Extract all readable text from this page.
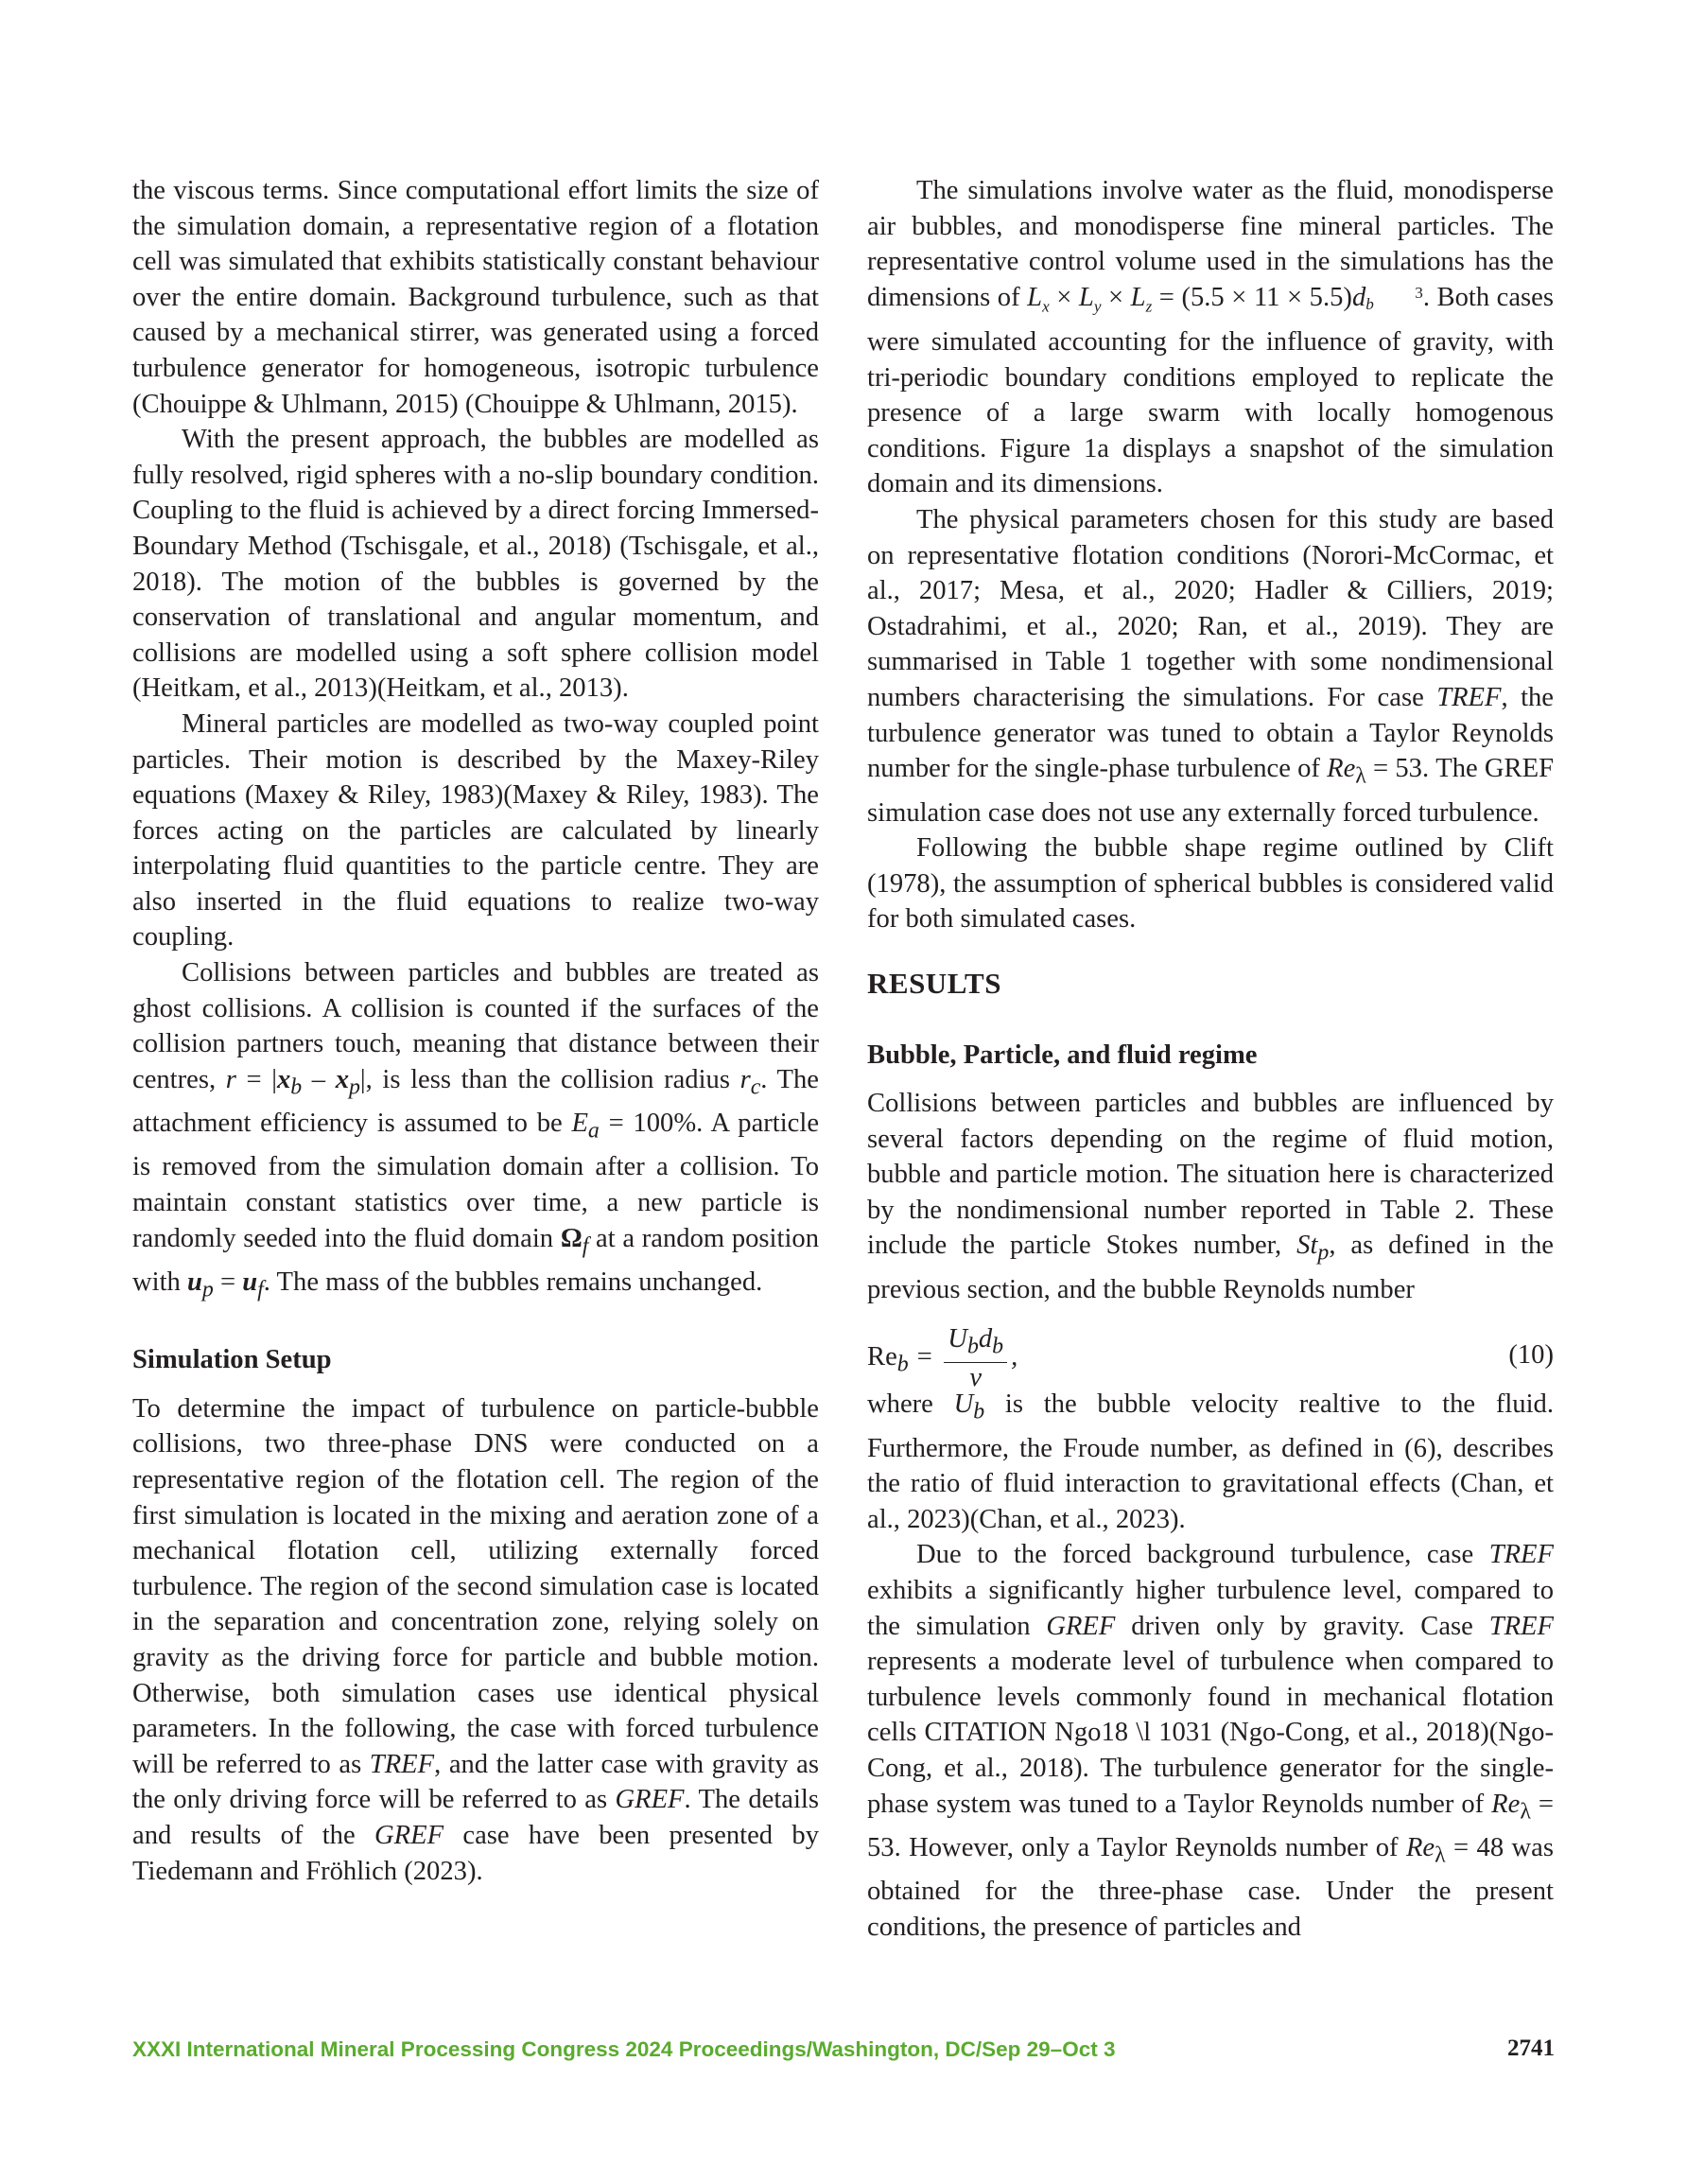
the viscous terms. Since computational effort limits the size of the simulation domain, a representative region of a flotation cell was simulated that exhibits statistically constant behaviour over the entire domain. Background turbulence, such as that caused by a mechanical stirrer, was generated using a forced turbulence generator for homogeneous, isotropic turbulence (Chouippe & Uhlmann, 2015) (Chouippe & Uhlmann, 2015).

With the present approach, the bubbles are modelled as fully resolved, rigid spheres with a no-slip boundary condition. Coupling to the fluid is achieved by a direct forcing Immersed-Boundary Method (Tschisgale, et al., 2018) (Tschisgale, et al., 2018). The motion of the bubbles is governed by the conservation of translational and angular momentum, and collisions are modelled using a soft sphere collision model (Heitkam, et al., 2013)(Heitkam, et al., 2013).

Mineral particles are modelled as two-way coupled point particles. Their motion is described by the Maxey-Riley equations (Maxey & Riley, 1983)(Maxey & Riley, 1983). The forces acting on the particles are calculated by linearly interpolating fluid quantities to the particle centre. They are also inserted in the fluid equations to realize two-way coupling.

Collisions between particles and bubbles are treated as ghost collisions. A collision is counted if the surfaces of the collision partners touch, meaning that distance between their centres, $r = |x_b - x_p|$, is less than the collision radius $r_c$. The attachment efficiency is assumed to be $E_a = 100\%$. A particle is removed from the simulation domain after a collision. To maintain constant statistics over time, a new particle is randomly seeded into the fluid domain $\Omega_f$ at a random position with $u_p = u_f$. The mass of the bubbles remains unchanged.

Simulation Setup

To determine the impact of turbulence on particle-bubble collisions, two three-phase DNS were conducted on a representative region of the flotation cell. The region of the first simulation is located in the mixing and aeration zone of a mechanical flotation cell, utilizing externally forced turbulence. The region of the second simulation case is located in the separation and concentration zone, relying solely on gravity as the driving force for particle and bubble motion. Otherwise, both simulation cases use identical physical parameters. In the following, the case with forced turbulence will be referred to as TREF, and the latter case with gravity as the only driving force will be referred to as GREF. The details and results of the GREF case have been presented by Tiedemann and Fröhlich (2023).

The simulations involve water as the fluid, monodisperse air bubbles, and monodisperse fine mineral particles. The representative control volume used in the simulations has the dimensions of $L_x \times L_y \times L_z = (5.5 \times 11 \times 5.5)d$	3
b . Both cases were simulated accounting for the influence of gravity, with tri-periodic boundary conditions employed to replicate the presence of a large swarm with locally homogenous conditions. Figure 1a displays a snapshot of the simulation domain and its dimensions.

The physical parameters chosen for this study are based on representative flotation conditions (Norori-McCormac, et al., 2017; Mesa, et al., 2020; Hadler & Cilliers, 2019; Ostadrahimi, et al., 2020; Ran, et al., 2019). They are summarised in Table 1 together with some nondimensional numbers characterising the simulations. For case TREF, the turbulence generator was tuned to obtain a Taylor Reynolds number for the single-phase turbulence of $Re_\lambda = 53$. The GREF simulation case does not use any externally forced turbulence.

Following the bubble shape regime outlined by Clift (1978), the assumption of spherical bubbles is considered valid for both simulated cases.

RESULTS
Bubble, Particle, and fluid regime

Collisions between particles and bubbles are influenced by several factors depending on the regime of fluid motion, bubble and particle motion. The situation here is characterized by the nondimensional number reported in Table 2. These include the particle Stokes number, $St_p$, as defined in the previous section, and the bubble Reynolds number

$Re_b = \frac{U_bd_b}{\nu}$ ,	(10)

where $U_b$ is the bubble velocity realtive to the fluid. Furthermore, the Froude number, as defined in (6), describes the ratio of fluid interaction to gravitational effects (Chan, et al., 2023)(Chan, et al., 2023).

Due to the forced background turbulence, case TREF exhibits a significantly higher turbulence level, compared to the simulation GREF driven only by gravity. Case TREF represents a moderate level of turbulence when compared to turbulence levels commonly found in mechanical flotation cells CITATION Ngo18 \l 1031 (Ngo-Cong, et al., 2018)(Ngo-Cong, et al., 2018). The turbulence generator for the single-phase system was tuned to a Taylor Reynolds number of $Re_\lambda = 53$. However, only a Taylor Reynolds number of $Re_\lambda = 48$ was obtained for the three-phase case. Under the present conditions, the presence of particles and

XXXI International Mineral Processing Congress 2024 Proceedings/Washington, DC/Sep 29–Oct 3	2741
